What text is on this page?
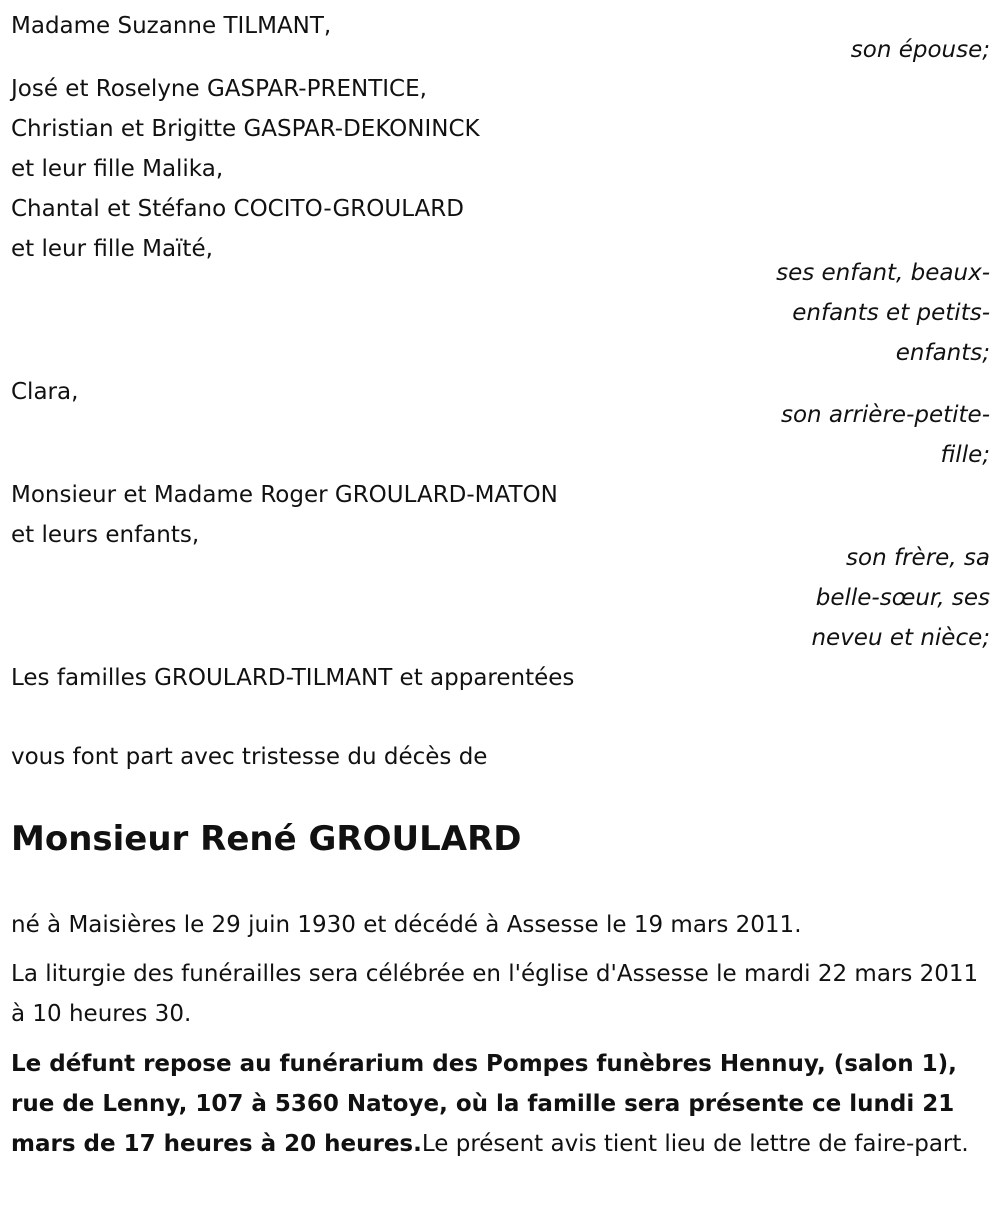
Madame Suzanne TILMANT,
son épouse;
José et Roselyne GASPAR-PRENTICE,
Christian et Brigitte GASPAR-DEKONINCK
et leur fille Malika,
Chantal et Stéfano COCITO-GROULARD
et leur fille Maïté,
ses enfant, beaux-
enfants et petits-
enfants;
Clara,
son arrière-petite-
fille;
Monsieur et Madame Roger GROULARD-MATON
et leurs enfants,
son frère, sa
belle-sœur, ses
neveu et nièce;
Les familles GROULARD-TILMANT et apparentées
vous font part avec tristesse du décès de
Monsieur René GROULARD
né à Maisières le 29 juin 1930 et décédé à Assesse le 19 mars 2011.
La liturgie des funérailles sera célébrée en l'église d'Assesse le mardi 22 mars 2011 à 10 heures 30.
Le défunt repose au funérarium des Pompes funèbres Hennuy, (salon 1), rue de Lenny, 107 à 5360 Natoye, où la famille sera présente ce lundi 21 mars de 17 heures à 20 heures.Le présent avis tient lieu de lettre de faire-part.
